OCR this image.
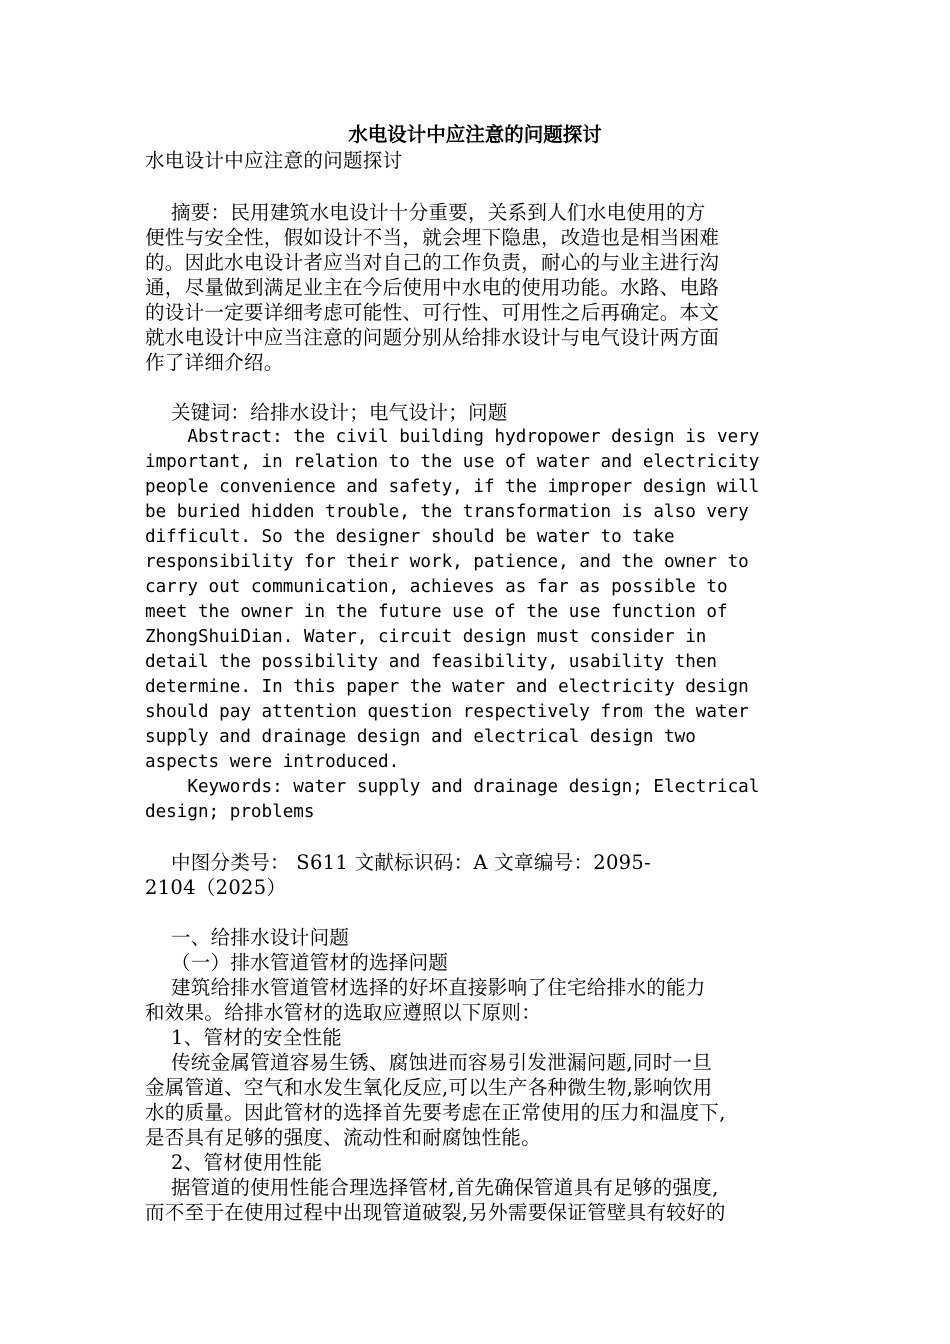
水电设计中应注意的问题探讨
水电设计中应注意的问题探讨
摘要：民用建筑水电设计十分重要，关系到人们水电使用的方
便性与安全性，假如设计不当，就会埋下隐患，改造也是相当困难
的。因此水电设计者应当对自己的工作负责，耐心的与业主进行沟
通，尽量做到满足业主在今后使用中水电的使用功能。水路、电路
的设计一定要详细考虑可能性、可行性、可用性之后再确定。本文
就水电设计中应当注意的问题分别从给排水设计与电气设计两方面
作了详细介绍。
关键词：给排水设计；电气设计；问题
Abstract: the civil building hydropower design is very
important, in relation to the use of water and electricity
people convenience and safety, if the improper design will
be buried hidden trouble, the transformation is also very
difficult. So the designer should be water to take
responsibility for their work, patience, and the owner to
carry out communication, achieves as far as possible to
meet the owner in the future use of the use function of
ZhongShuiDian. Water, circuit design must consider in
detail the possibility and feasibility, usability then
determine. In this paper the water and electricity design
should pay attention question respectively from the water
supply and drainage design and electrical design two
aspects were introduced.
Keywords: water supply and drainage design; Electrical
design; problems
中图分类号： S611 文献标识码：A 文章编号：2095-
2104（2025）
一、给排水设计问题
（一）排水管道管材的选择问题
建筑给排水管道管材选择的好坏直接影响了住宅给排水的能力
和效果。给排水管材的选取应遵照以下原则：
1、管材的安全性能
传统金属管道容易生锈、腐蚀进而容易引发泄漏问题,同时一旦
金属管道、空气和水发生氧化反应,可以生产各种微生物,影响饮用
水的质量。因此管材的选择首先要考虑在正常使用的压力和温度下,
是否具有足够的强度、流动性和耐腐蚀性能。
2、管材使用性能
据管道的使用性能合理选择管材,首先确保管道具有足够的强度,
而不至于在使用过程中出现管道破裂,另外需要保证管壁具有较好的
